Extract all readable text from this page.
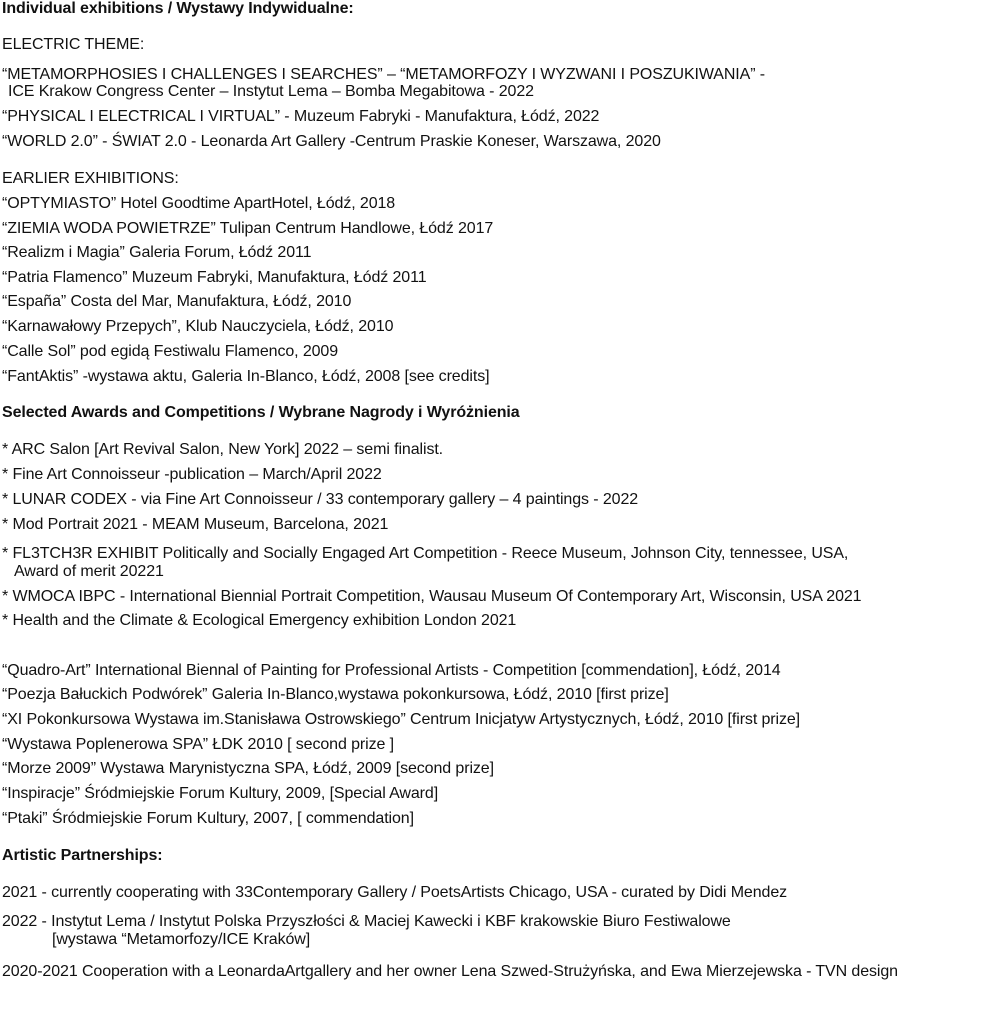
Individual exhibitions / Wystawy Indywidualne:
ELECTRIC THEME:
“METAMORPHOSIES I CHALLENGES I SEARCHES” – “METAMORFOZY I WYZWANI I POSZUKIWANIA” -
ICE Krakow Congress Center – Instytut Lema – Bomba Megabitowa - 2022
“PHYSICAL I ELECTRICAL I VIRTUAL” - Muzeum Fabryki - Manufaktura, Łódź, 2022
“WORLD 2.0” - ŚWIAT 2.0 - Leonarda Art Gallery -Centrum Praskie Koneser, Warszawa, 2020
EARLIER EXHIBITIONS:
“OPTYMIASTO” Hotel Goodtime ApartHotel, Łódź, 2018
“ZIEMIA WODA POWIETRZE” Tulipan Centrum Handlowe, Łódź 2017
“Realizm i Magia” Galeria Forum, Łódź 2011
“Patria Flamenco” Muzeum Fabryki, Manufaktura, Łódź 2011
“España” Costa del Mar, Manufaktura, Łódź, 2010
“Karnawałowy Przepych”, Klub Nauczyciela, Łódź, 2010
“Calle Sol” pod egidą Festiwalu Flamenco, 2009
“FantAktis” -wystawa aktu, Galeria In-Blanco, Łódź, 2008 [see credits]
Selected Awards and Competitions / Wybrane Nagrody i Wyróżnienia
* ARC Salon [Art Revival Salon, New York] 2022 – semi finalist.
* Fine Art Connoisseur -publication – March/April 2022
* LUNAR CODEX - via Fine Art Connoisseur / 33 contemporary gallery – 4 paintings - 2022
* Mod Portrait 2021 - MEAM Museum, Barcelona, 2021
* FL3TCH3R EXHIBIT Politically and Socially Engaged Art Competition - Reece Museum, Johnson City, tennessee, USA,
Award of merit 20221
* WMOCA IBPC - International Biennial Portrait Competition, Wausau Museum Of Contemporary Art, Wisconsin, USA 2021
* Health and the Climate & Ecological Emergency exhibition London 2021
“Quadro-Art” International Biennal of Painting for Professional Artists - Competition [commendation], Łódź, 2014
“Poezja Bałuckich Podwórek” Galeria In-Blanco,wystawa pokonkursowa, Łódź, 2010 [first prize]
“XI Pokonkursowa Wystawa im.Stanisława Ostrowskiego” Centrum Inicjatyw Artystycznych, Łódź, 2010 [first prize]
“Wystawa Poplenerowa SPA” ŁDK 2010 [ second prize ]
“Morze 2009” Wystawa Marynistyczna SPA, Łódź, 2009 [second prize]
“Inspiracje” Śródmiejskie Forum Kultury, 2009, [Special Award]
“Ptaki” Śródmiejskie Forum Kultury, 2007, [ commendation]
Artistic Partnerships:
2021 - currently cooperating with 33Contemporary Gallery / PoetsArtists Chicago, USA - curated by Didi Mendez
2022 - Instytut Lema / Instytut Polska Przyszłości & Maciej Kawecki i KBF krakowskie Biuro Festiwalowe
[wystawa “Metamorfozy/ICE Kraków]
2020-2021 Cooperation with a LeonardaArtgallery and her owner Lena Szwed-Strużyńska, and Ewa Mierzejewska - TVN design
